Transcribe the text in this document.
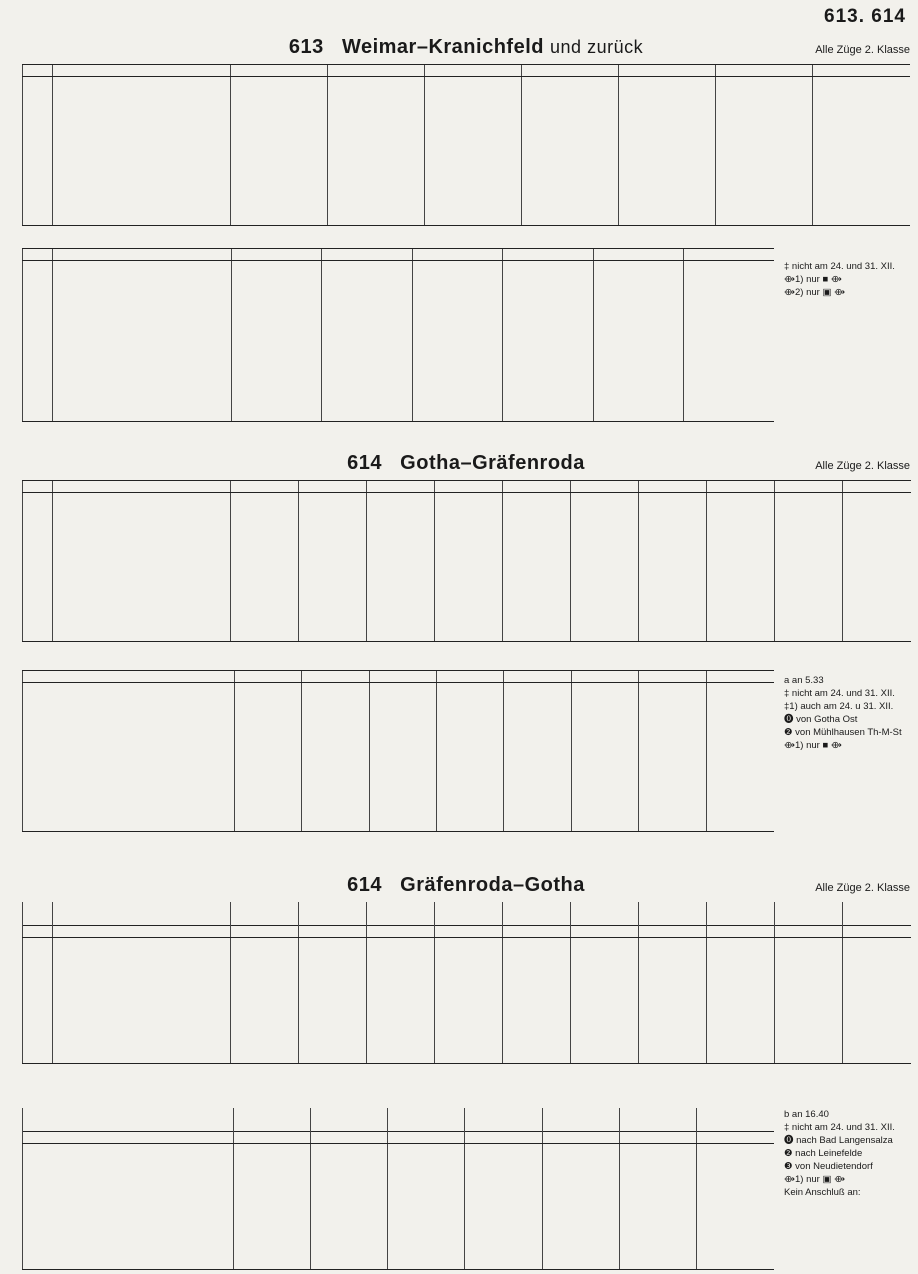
613. 614
613 Weimar–Kranichfeld und zurück	Alle Züge 2. Klasse

‡ nicht am 24. und 31. XII.
⟴1) nur ■ ⟴
⟴2) nur ▣ ⟴
614 Gotha–Gräfenroda	Alle Züge 2. Klasse

a an 5.33
‡ nicht am 24. und 31. XII.
‡1) auch am 24. u 31. XII.
⓿ von Gotha Ost
❷ von Mühlhausen Th-M-St
⟴1) nur ■ ⟴
614 Gräfenroda–Gotha	Alle Züge 2. Klasse

b an 16.40
‡ nicht am 24. und 31. XII.
⓿ nach Bad Langensalza
❷ nach Leinefelde
❸ von Neudietendorf
⟴1) nur ▣ ⟴
Kein Anschluß an:
